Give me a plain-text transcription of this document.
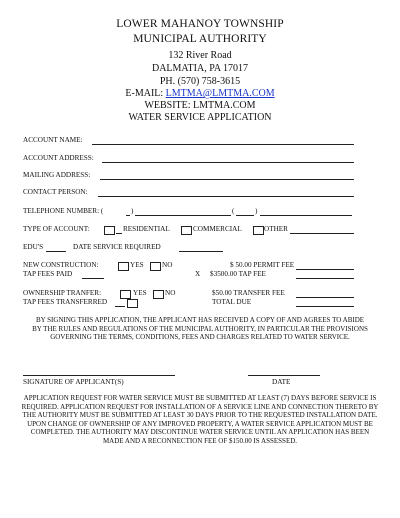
LOWER MAHANOY TOWNSHIP
MUNICIPAL AUTHORITY
132 River Road
DALMATIA, PA 17017
PH. (570) 758-3615
E-MAIL: LMTMA@LMTMA.COM
WEBSITE: LMTMA.COM
WATER SERVICE APPLICATION
ACCOUNT NAME:
ACCOUNT ADDRESS:
MAILING ADDRESS:
CONTACT PERSON:
TELEPHONE NUMBER: (	)	(	)
TYPE OF ACCOUNT:	RESIDENTIAL	COMMERCIAL	OTHER
EDU'S	DATE SERVICE REQUIRED
NEW CONSTRUCTION:	YES	NO	$ 50.00 PERMIT FEE
TAP FEES PAID	X $3500.00 TAP FEE
OWNERSHIP TRANFER:	YES	NO	$50.00 TRANSFER FEE
TAP FEES TRANSFERRED	TOTAL DUE
BY SIGNING THIS APPLICATION, THE APPLICANT HAS RECEIVED A COPY OF AND AGREES TO ABIDE BY THE RULES AND REGULATIONS OF THE MUNICIPAL AUTHORITY, IN PARTICULAR THE PROVISIONS GOVERNING THE TERMS, CONDITIONS, FEES AND CHARGES RELATED TO WATER SERVICE.
SIGNATURE OF APPLICANT(S)	DATE
APPLICATION REQUEST FOR WATER SERVICE MUST BE SUBMITTED AT LEAST (7) DAYS BEFORE SERVICE IS REQUIRED. APPLICATION REQUEST FOR INSTALLATION OF A SERVICE LINE AND CONNECTION THERETO BY THE AUTHORITY MUST BE SUBMITTED AT LEAST 30 DAYS PRIOR TO THE REQUESTED INSTALLATION DATE. UPON CHANGE OF OWNERSHIP OF ANY IMPROVED PROPERTY, A WATER SERVICE APPLICATION MUST BE COMPLETED. THE AUTHORITY MAY DISCONTINUE WATER SERVICE UNTIL AN APPLICATION HAS BEEN MADE AND A RECONNECTION FEE OF $150.00 IS ASSESSED.
